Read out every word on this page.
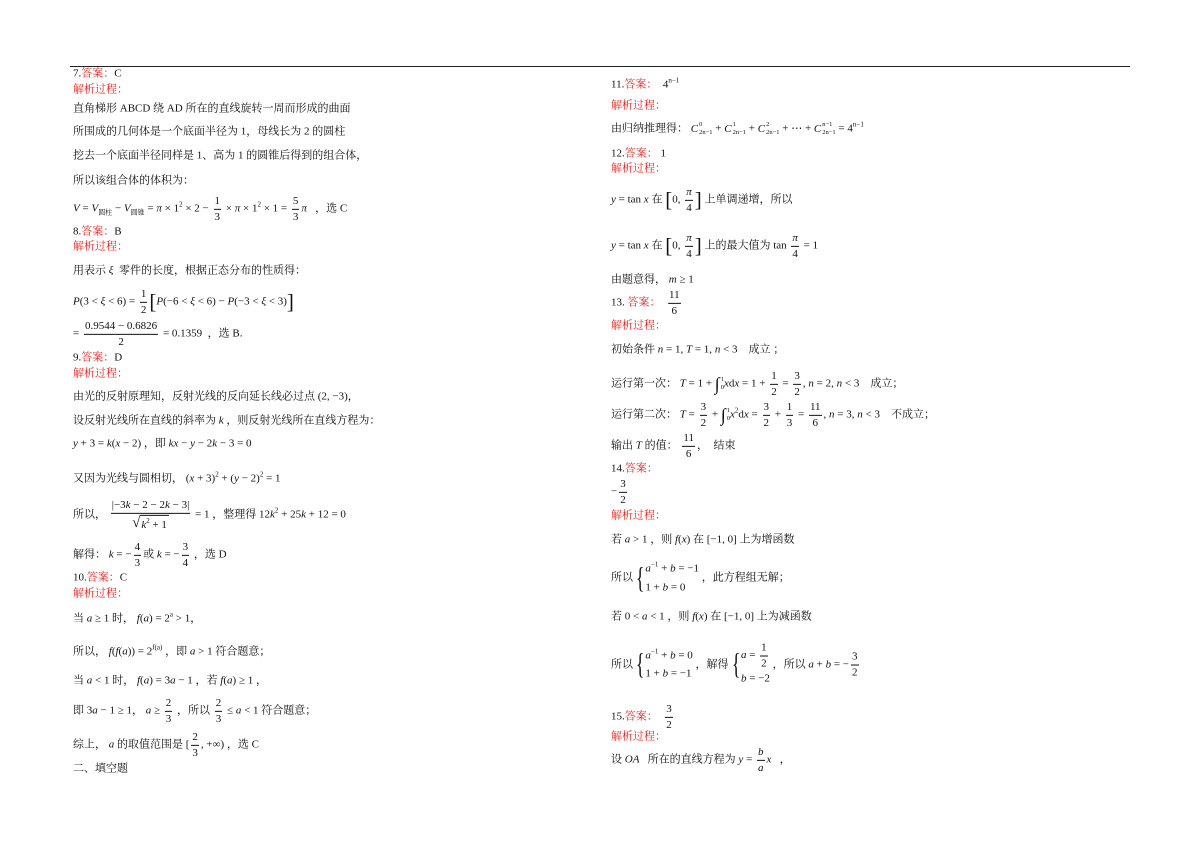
7.答案：C
解析过程：
直角梯形 ABCD 绕 AD 所在的直线旋转一周而形成的曲面
所围成的几何体是一个底面半径为 1，母线长为 2 的圆柱
挖去一个底面半径同样是 1、高为 1 的圆锥后得到的组合体，
所以该组合体的体积为：
$V = V_{圆柱} - V_{圆锥} = \pi \times 1^2 \times 2 - \frac{1}{3} \times \pi \times 1^2 \times 1 = \frac{5}{3}$ π   ，选 C
8.答案：B
解析过程：
用表示 ξ  零件的长度，根据正态分布的性质得：
$P(3 < \xi < 6) = \frac{1}{2} [P(-6 < \xi < 6) - P(-3 < \xi < 3)]$
= $\frac{0.9544 - 0.6826}{2} = 0.1359$  ，选 B.
9.答案：D
解析过程：
由光的反射原理知，反射光线的反向延长线必过点 (2, −3)，
设反射光线所在直线的斜率为 k ，则反射光线所在直线方程为：
y + 3 = k(x − 2) ，即 kx − y − 2k − 3 = 0
又因为光线与圆相切， $(x + 3)^2 + (y - 2)^2 = 1$
所以， $\frac{|-3k - 2 - 2k - 3|}{√ k^2 + 1} = 1$ ，整理得 $12k^2 + 25k + 12 = 0$
解得： k = − $\frac{4}{3}$ 或 k = − $\frac{3}{4}$ ，选 D
10.答案：C
解析过程：
当 a ≥ 1 时， $f(a) = 2^a > 1$，
所以， $f(f(a)) = 2^{f(a)}$ ，即 a > 1 符合题意；
当 a < 1 时， f(a) = 3a − 1 ，若 f(a) ≥ 1 ，
即 3a − 1 ≥ 1， $a \ge \frac{2}{3}$ ，所以 $\frac{2}{3} \le a < 1$ 符合题意；
综上， a 的取值范围是 [ $\frac{2}{3}$ , +∞) ，选 C
二、填空题
11.答案：  $4^{n-1}$
解析过程：
由归纳推理得： C 0
2n−1 + C 1
2n−1 + C 2
2n−1 + ⋯ + C n−1
$2n-1 = 4^{n-1}$
12.答案： 1
解析过程：
y = tan x 在 [0, $\frac{\pi}{4}$ ] 上单调递增，所以
y = tan x 在 [0, $\frac{\pi}{4}$ ] 上的最大值为 $\tan \frac{\pi}{4} = 1$
由题意得， m ≥ 1
13. 答案： $\frac{11}{6}$
解析过程：
初始条件 n = 1, T = 1, n < 3    成立 ；
运行第一次： T = 1 + ∫ 1
0 xdx = $1 + \frac{1}{2} = \frac{3}{2}$ , n = 2, n < 3    成立；
运行第二次： $T = \frac{3}{2}$ + ∫ 1
0 $x^2dx = \frac{3}{2} + \frac{1}{3} = \frac{11}{6}$ , n = 3, n < 3    不成立；
输出 T 的值： $\frac{11}{6}$ ，  结束
14.答案：
− $\frac{3}{2}$
解析过程：
若 a > 1 ，则 f(x) 在 [−1, 0] 上为增函数
所以 { $a^{-1} + b = -1$
1 + b = 0
，此方程组无解；
若 0 < a < 1 ，则 f(x) 在 [−1, 0] 上为减函数
所以 { $a^{-1} + b = 0$
1 + b = −1
，解得 { $a = \frac{1}{2}$
b = −2
，所以 a + b = − $\frac{3}{2}$
15.答案： $\frac{3}{2}$
解析过程：
设 OA   所在的直线方程为 $y = \frac{b}{a}$ x   ，
